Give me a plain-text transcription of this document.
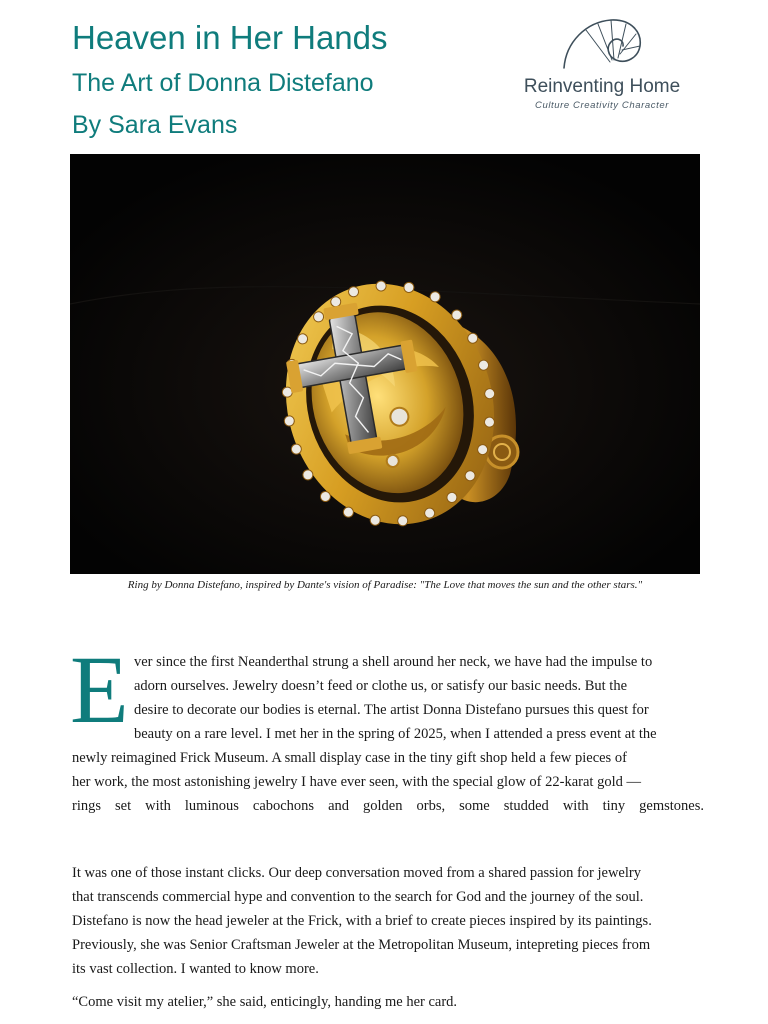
Heaven in Her Hands
The Art of Donna Distefano
By Sara Evans
Reinventing Home
Culture Creativity Character
Ring by Donna Distefano, inspired by Dante's vision of Paradise: "The Love that moves the sun and the other stars."
E ver since the first Neanderthal strung a shell around her neck, we have had the impulse to

adorn ourselves. Jewelry doesn’t feed or clothe us, or satisfy our basic needs. But the

desire to decorate our bodies is eternal. The artist Donna Distefano pursues this quest for

beauty on a rare level. I met her in the spring of 2025, when I attended a press event at the

newly reimagined Frick Museum. A small display case in the tiny gift shop held a few pieces of

her work, the most astonishing jewelry I have ever seen, with the special glow of 22-karat gold —

rings set with luminous cabochons and golden orbs, some studded with tiny gemstones.

It was one of those instant clicks. Our deep conversation moved from a shared passion for jewelry

that transcends commercial hype and convention to the search for God and the journey of the soul.

Distefano is now the head jeweler at the Frick, with a brief to create pieces inspired by its paintings.

Previously, she was Senior Craftsman Jeweler at the Metropolitan Museum, intepreting pieces from

its vast collection. I wanted to know more.

“Come visit my atelier,” she said, enticingly, handing me her card.
